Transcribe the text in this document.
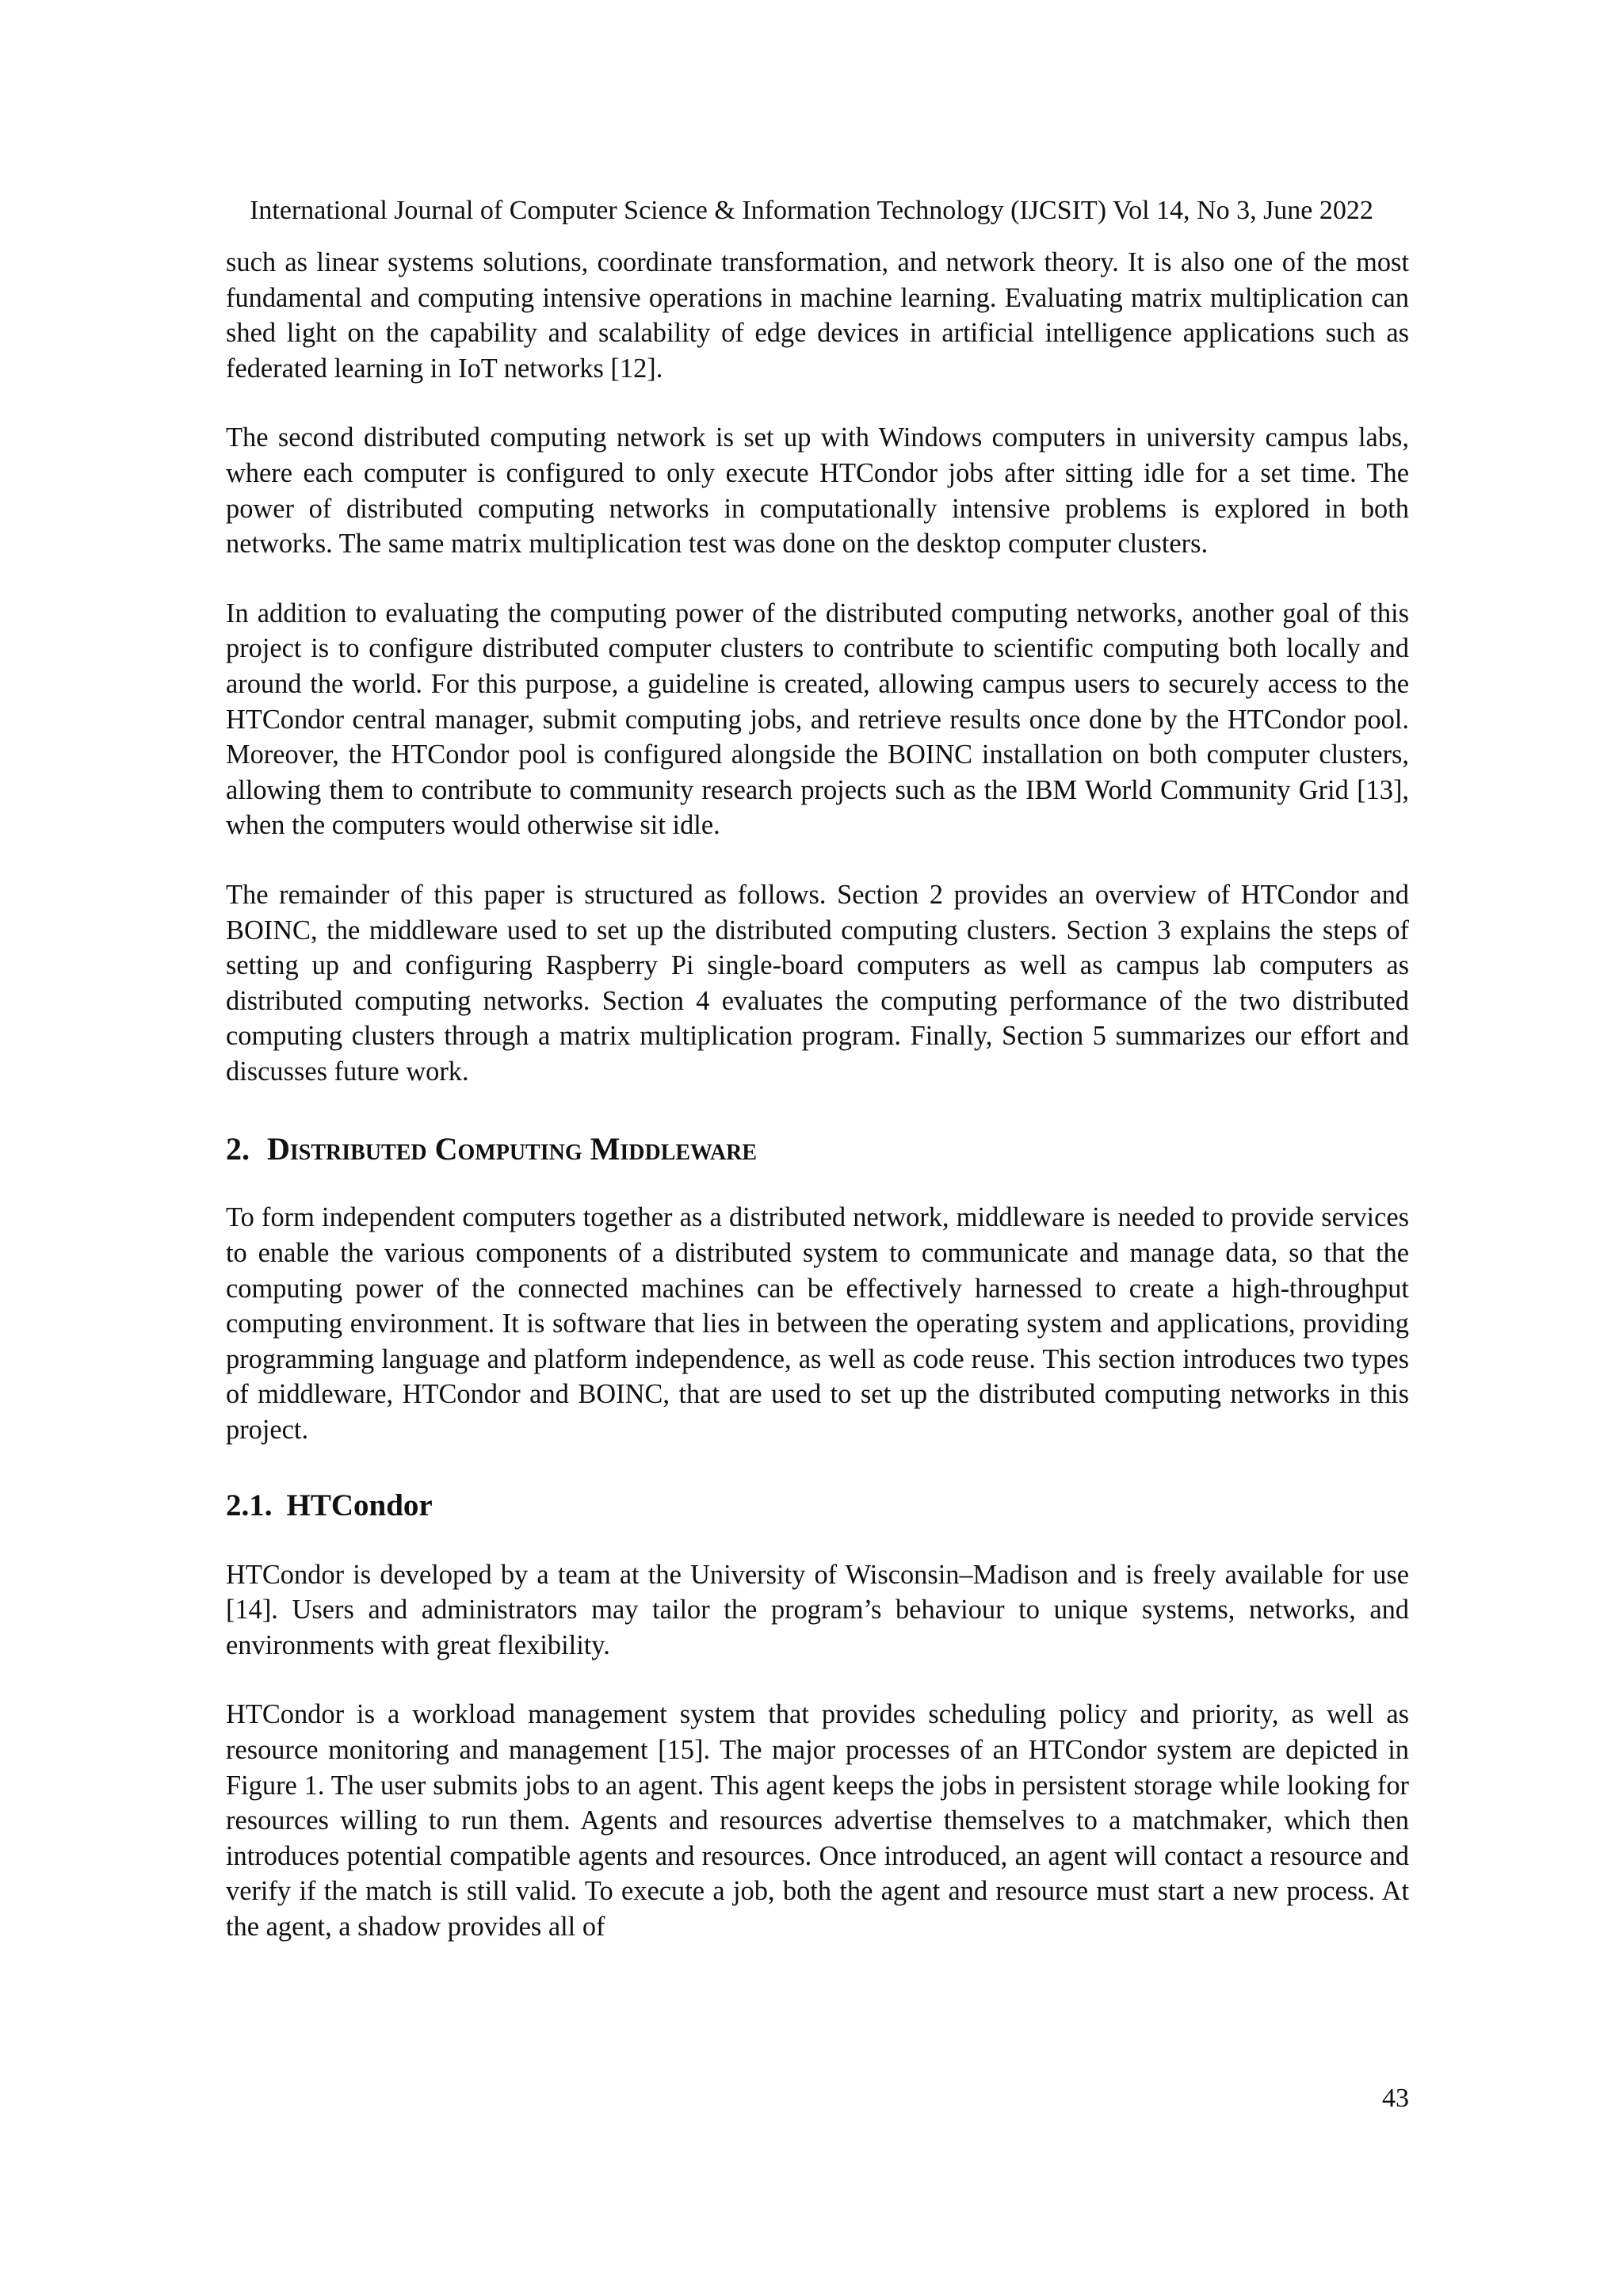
International Journal of Computer Science & Information Technology (IJCSIT) Vol 14, No 3, June 2022

such as linear systems solutions, coordinate transformation, and network theory. It is also one of the most fundamental and computing intensive operations in machine learning. Evaluating matrix multiplication can shed light on the capability and scalability of edge devices in artificial intelligence applications such as federated learning in IoT networks [12].

The second distributed computing network is set up with Windows computers in university campus labs, where each computer is configured to only execute HTCondor jobs after sitting idle for a set time. The power of distributed computing networks in computationally intensive problems is explored in both networks. The same matrix multiplication test was done on the desktop computer clusters.

In addition to evaluating the computing power of the distributed computing networks, another goal of this project is to configure distributed computer clusters to contribute to scientific computing both locally and around the world. For this purpose, a guideline is created, allowing campus users to securely access to the HTCondor central manager, submit computing jobs, and retrieve results once done by the HTCondor pool. Moreover, the HTCondor pool is configured alongside the BOINC installation on both computer clusters, allowing them to contribute to community research projects such as the IBM World Community Grid [13], when the computers would otherwise sit idle.

The remainder of this paper is structured as follows. Section 2 provides an overview of HTCondor and BOINC, the middleware used to set up the distributed computing clusters. Section 3 explains the steps of setting up and configuring Raspberry Pi single-board computers as well as campus lab computers as distributed computing networks. Section 4 evaluates the computing performance of the two distributed computing clusters through a matrix multiplication program. Finally, Section 5 summarizes our effort and discusses future work.

2. Distributed Computing Middleware

To form independent computers together as a distributed network, middleware is needed to provide services to enable the various components of a distributed system to communicate and manage data, so that the computing power of the connected machines can be effectively harnessed to create a high-throughput computing environment. It is software that lies in between the operating system and applications, providing programming language and platform independence, as well as code reuse. This section introduces two types of middleware, HTCondor and BOINC, that are used to set up the distributed computing networks in this project.

2.1. HTCondor

HTCondor is developed by a team at the University of Wisconsin–Madison and is freely available for use [14]. Users and administrators may tailor the program’s behaviour to unique systems, networks, and environments with great flexibility.

HTCondor is a workload management system that provides scheduling policy and priority, as well as resource monitoring and management [15]. The major processes of an HTCondor system are depicted in Figure 1. The user submits jobs to an agent. This agent keeps the jobs in persistent storage while looking for resources willing to run them. Agents and resources advertise themselves to a matchmaker, which then introduces potential compatible agents and resources. Once introduced, an agent will contact a resource and verify if the match is still valid. To execute a job, both the agent and resource must start a new process. At the agent, a shadow provides all of

43
